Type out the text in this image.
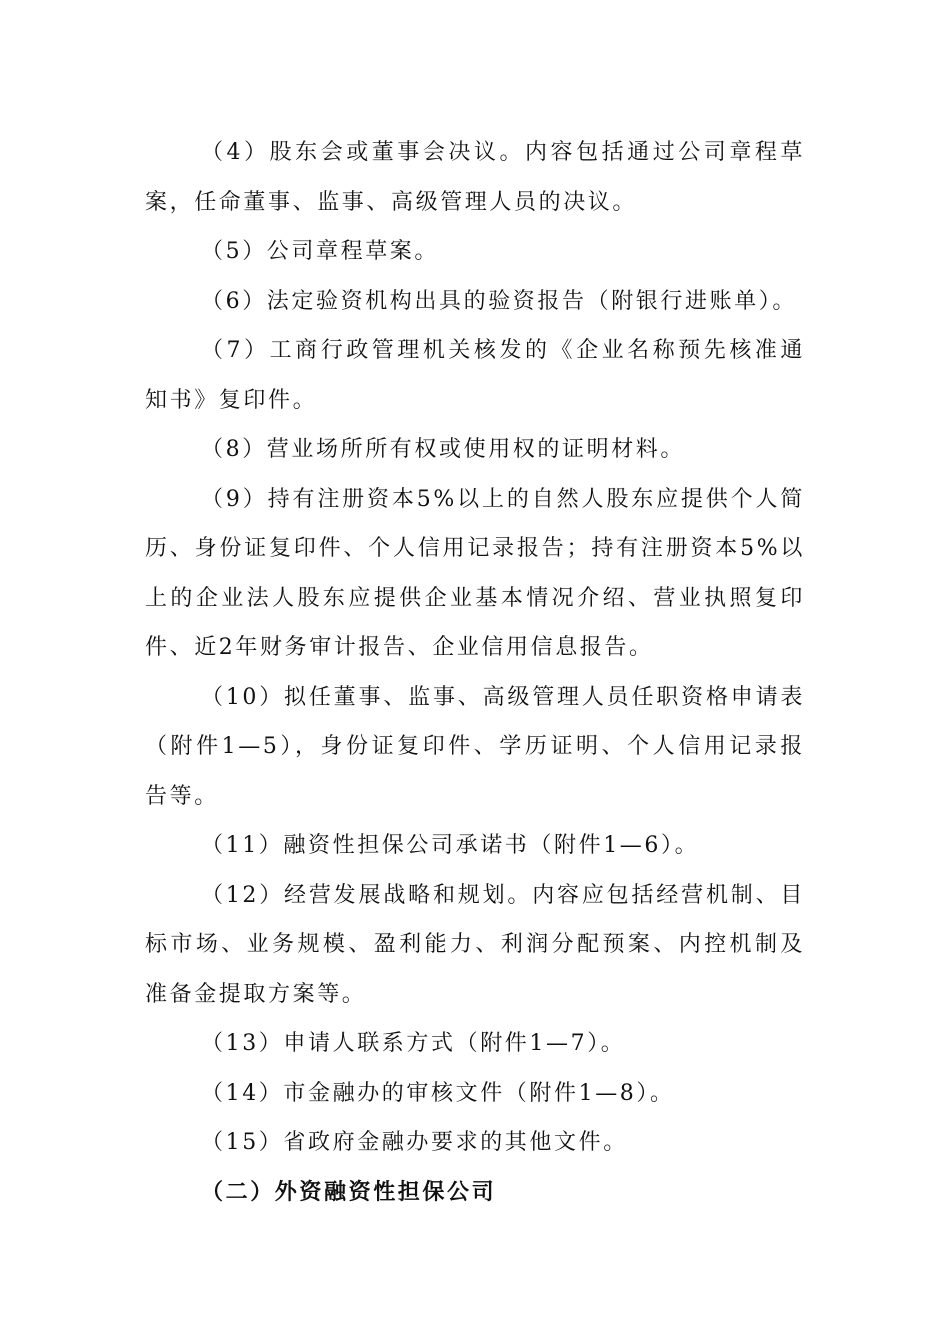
（4）股东会或董事会决议。内容包括通过公司章程草案，任命董事、监事、高级管理人员的决议。

（5）公司章程草案。

（6）法定验资机构出具的验资报告（附银行进账单）。

（7）工商行政管理机关核发的《企业名称预先核准通知书》复印件。

（8）营业场所所有权或使用权的证明材料。

（9）持有注册资本5%以上的自然人股东应提供个人简历、身份证复印件、个人信用记录报告；持有注册资本5%以上的企业法人股东应提供企业基本情况介绍、营业执照复印件、近2年财务审计报告、企业信用信息报告。

（10）拟任董事、监事、高级管理人员任职资格申请表（附件1—5），身份证复印件、学历证明、个人信用记录报告等。

（11）融资性担保公司承诺书（附件1—6）。

（12）经营发展战略和规划。内容应包括经营机制、目标市场、业务规模、盈利能力、利润分配预案、内控机制及准备金提取方案等。

（13）申请人联系方式（附件1—7）。

（14）市金融办的审核文件（附件1—8）。

（15）省政府金融办要求的其他文件。

（二）外资融资性担保公司
